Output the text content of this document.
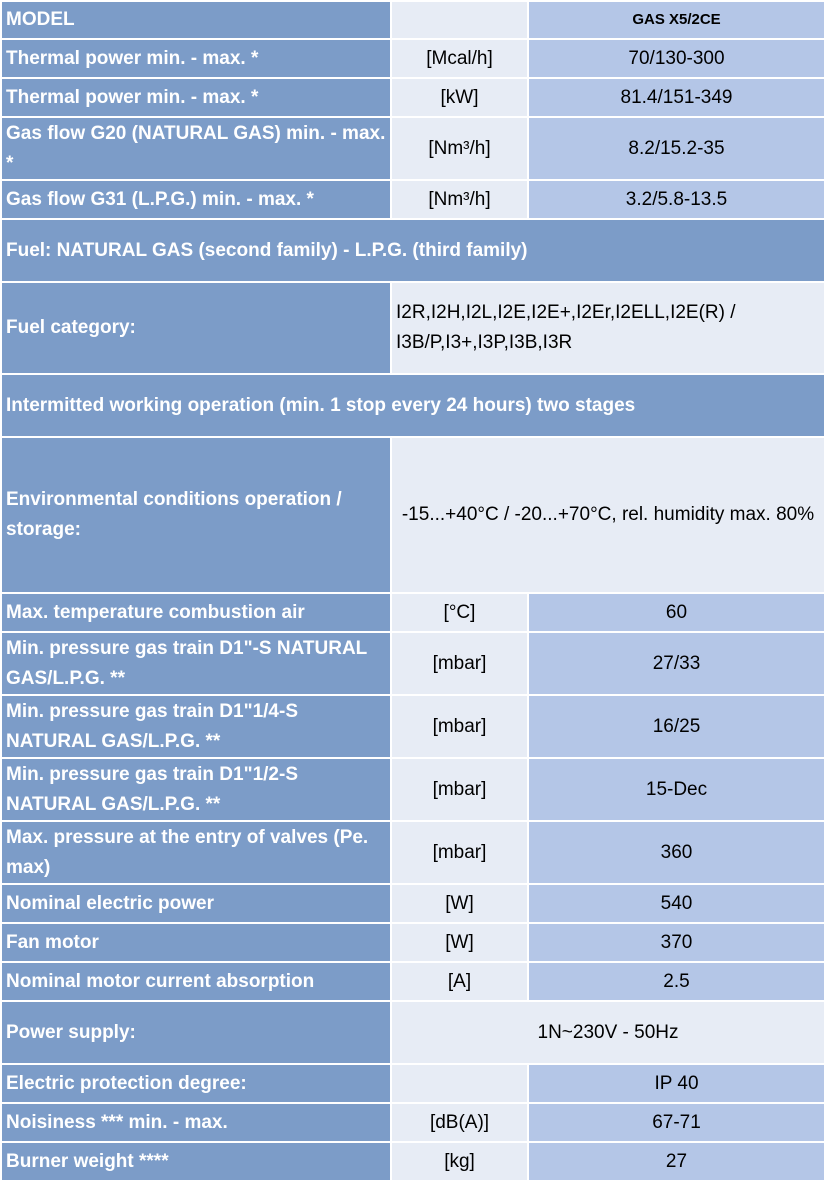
MODEL		GAS X5/2CE
Thermal power min. - max. *	[Mcal/h]	70/130-300
Thermal power min. - max. *	[kW]	81.4/151-349
Gas flow G20 (NATURAL GAS) min. - max. *	[Nm³/h]	8.2/15.2-35
Gas flow G31 (L.P.G.) min. - max. *	[Nm³/h]	3.2/5.8-13.5
Fuel: NATURAL GAS (second family) - L.P.G. (third family)		
Fuel category:	I2R,I2H,I2L,I2E,I2E+,I2Er,I2ELL,I2E(R) / I3B/P,I3+,I3P,I3B,I3R	
Intermitted working operation (min. 1 stop every 24 hours) two stages		
Environmental conditions operation / storage:	-15...+40°C / -20...+70°C, rel. humidity max. 80%	
Max. temperature combustion air	[°C]	60
Min. pressure gas train D1"-S NATURAL GAS/L.P.G. **	[mbar]	27/33
Min. pressure gas train D1"1/4-S NATURAL GAS/L.P.G. **	[mbar]	16/25
Min. pressure gas train D1"1/2-S NATURAL GAS/L.P.G. **	[mbar]	15-Dec
Max. pressure at the entry of valves (Pe. max)	[mbar]	360
Nominal electric power	[W]	540
Fan motor	[W]	370
Nominal motor current absorption	[A]	2.5
Power supply:	1N~230V - 50Hz	
Electric protection degree:		IP 40
Noisiness *** min. - max.	[dB(A)]	67-71
Burner weight ****	[kg]	27
